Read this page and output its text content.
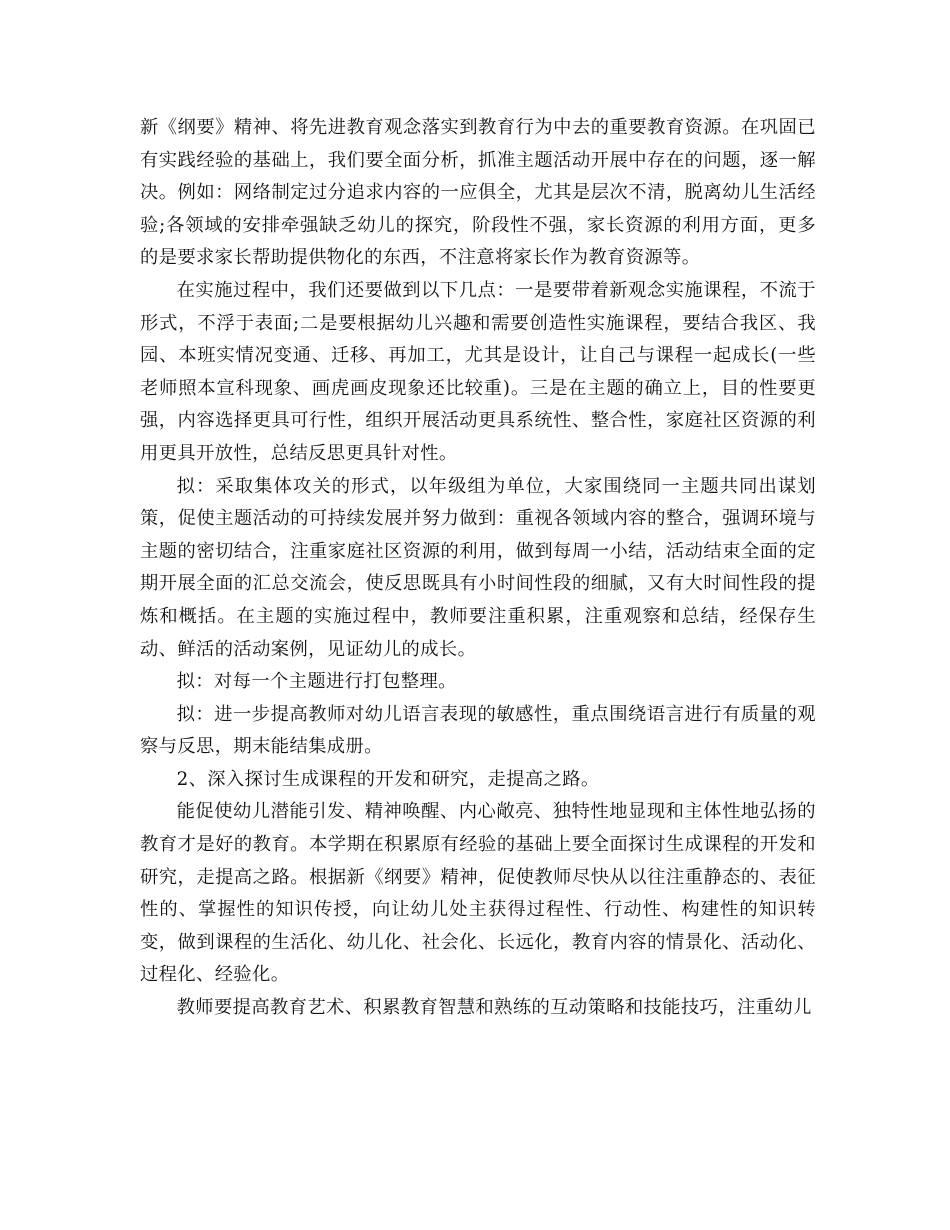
新《纲要》精神、将先进教育观念落实到教育行为中去的重要教育资源。在巩固已有实践经验的基础上，我们要全面分析，抓准主题活动开展中存在的问题，逐一解决。例如：网络制定过分追求内容的一应俱全，尤其是层次不清，脱离幼儿生活经验;各领域的安排牵强缺乏幼儿的探究，阶段性不强，家长资源的利用方面，更多的是要求家长帮助提供物化的东西，不注意将家长作为教育资源等。

在实施过程中，我们还要做到以下几点：一是要带着新观念实施课程，不流于形式，不浮于表面;二是要根据幼儿兴趣和需要创造性实施课程，要结合我区、我园、本班实情况变通、迁移、再加工，尤其是设计，让自己与课程一起成长(一些老师照本宣科现象、画虎画皮现象还比较重)。三是在主题的确立上，目的性要更强，内容选择更具可行性，组织开展活动更具系统性、整合性，家庭社区资源的利用更具开放性，总结反思更具针对性。

拟：采取集体攻关的形式，以年级组为单位，大家围绕同一主题共同出谋划策，促使主题活动的可持续发展并努力做到：重视各领域内容的整合，强调环境与主题的密切结合，注重家庭社区资源的利用，做到每周一小结，活动结束全面的定期开展全面的汇总交流会，使反思既具有小时间性段的细腻，又有大时间性段的提炼和概括。在主题的实施过程中，教师要注重积累，注重观察和总结，经保存生动、鲜活的活动案例，见证幼儿的成长。

拟：对每一个主题进行打包整理。

拟：进一步提高教师对幼儿语言表现的敏感性，重点围绕语言进行有质量的观察与反思，期末能结集成册。

2、深入探讨生成课程的开发和研究，走提高之路。

能促使幼儿潜能引发、精神唤醒、内心敞亮、独特性地显现和主体性地弘扬的教育才是好的教育。本学期在积累原有经验的基础上要全面探讨生成课程的开发和研究，走提高之路。根据新《纲要》精神，促使教师尽快从以往注重静态的、表征性的、掌握性的知识传授，向让幼儿处主获得过程性、行动性、构建性的知识转变，做到课程的生活化、幼儿化、社会化、长远化，教育内容的情景化、活动化、过程化、经验化。

教师要提高教育艺术、积累教育智慧和熟练的互动策略和技能技巧，注重幼儿
